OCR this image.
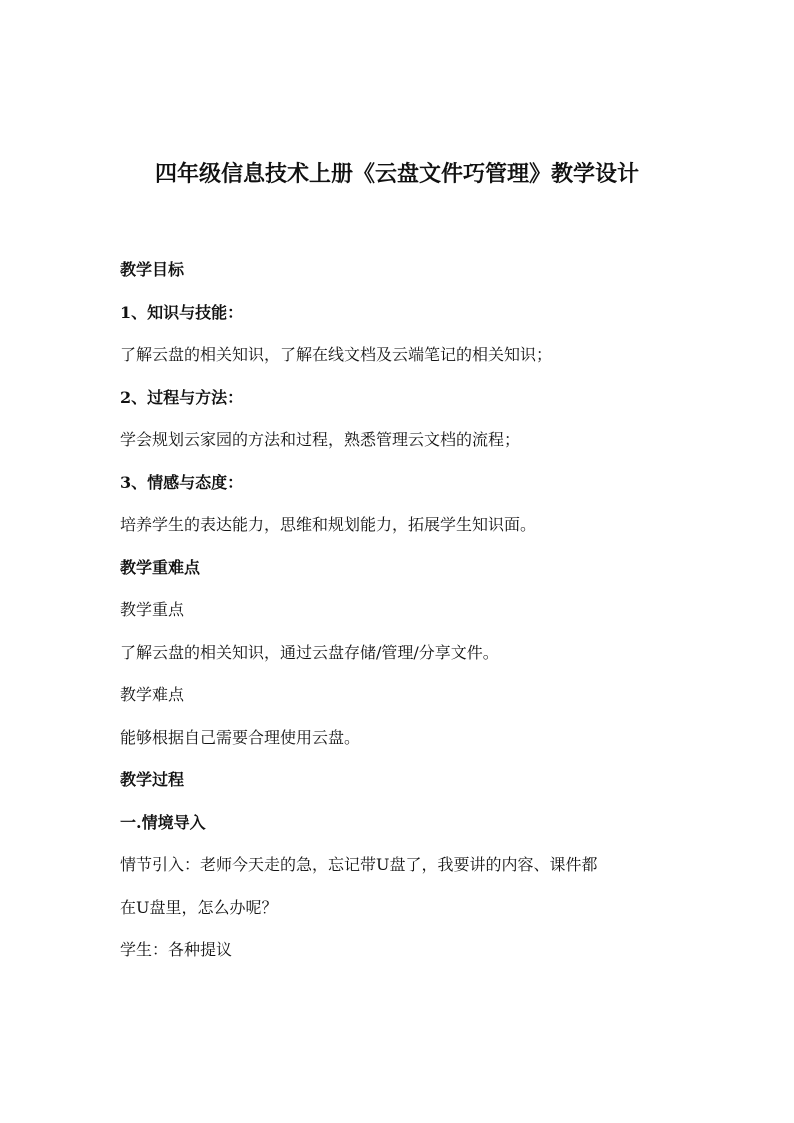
四年级信息技术上册《云盘文件巧管理》教学设计

教学目标

1、知识与技能：

了解云盘的相关知识，了解在线文档及云端笔记的相关知识；

2、过程与方法：

学会规划云家园的方法和过程，熟悉管理云文档的流程；

3、情感与态度：

培养学生的表达能力，思维和规划能力，拓展学生知识面。

教学重难点

教学重点

了解云盘的相关知识，通过云盘存储/管理/分享文件。

教学难点

能够根据自己需要合理使用云盘。

教学过程

一.情境导入

情节引入：老师今天走的急，忘记带U盘了，我要讲的内容、课件都

在U盘里，怎么办呢？

学生：各种提议
